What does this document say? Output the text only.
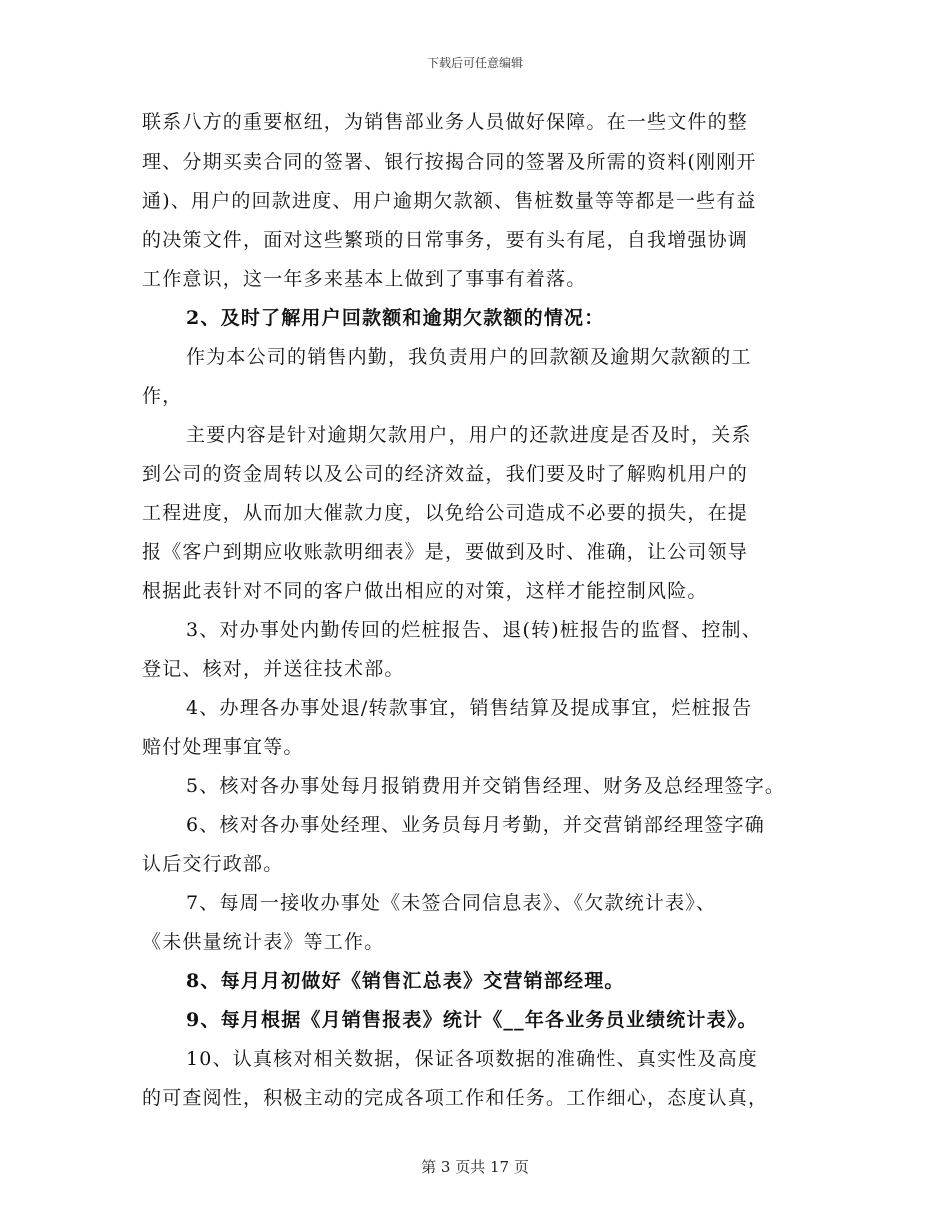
下载后可任意编辑
联系八方的重要枢纽，为销售部业务人员做好保障。在一些文件的整
理、分期买卖合同的签署、银行按揭合同的签署及所需的资料(刚刚开
通)、用户的回款进度、用户逾期欠款额、售桩数量等等都是一些有益
的决策文件，面对这些繁琐的日常事务，要有头有尾，自我增强协调
工作意识，这一年多来基本上做到了事事有着落。
2、及时了解用户回款额和逾期欠款额的情况：
作为本公司的销售内勤，我负责用户的回款额及逾期欠款额的工
作，
主要内容是针对逾期欠款用户，用户的还款进度是否及时，关系
到公司的资金周转以及公司的经济效益，我们要及时了解购机用户的
工程进度，从而加大催款力度，以免给公司造成不必要的损失，在提
报《客户到期应收账款明细表》是，要做到及时、准确，让公司领导
根据此表针对不同的客户做出相应的对策，这样才能控制风险。
3、对办事处内勤传回的烂桩报告、退(转)桩报告的监督、控制、
登记、核对，并送往技术部。
4、办理各办事处退/转款事宜，销售结算及提成事宜，烂桩报告
赔付处理事宜等。
5、核对各办事处每月报销费用并交销售经理、财务及总经理签字。
6、核对各办事处经理、业务员每月考勤，并交营销部经理签字确
认后交行政部。
7、每周一接收办事处《未签合同信息表》、《欠款统计表》、
《未供量统计表》等工作。
8、每月月初做好《销售汇总表》交营销部经理。
9、每月根据《月销售报表》统计《__年各业务员业绩统计表》。
10、认真核对相关数据，保证各项数据的准确性、真实性及高度
的可查阅性，积极主动的完成各项工作和任务。工作细心，态度认真，
第 3 页共 17 页
